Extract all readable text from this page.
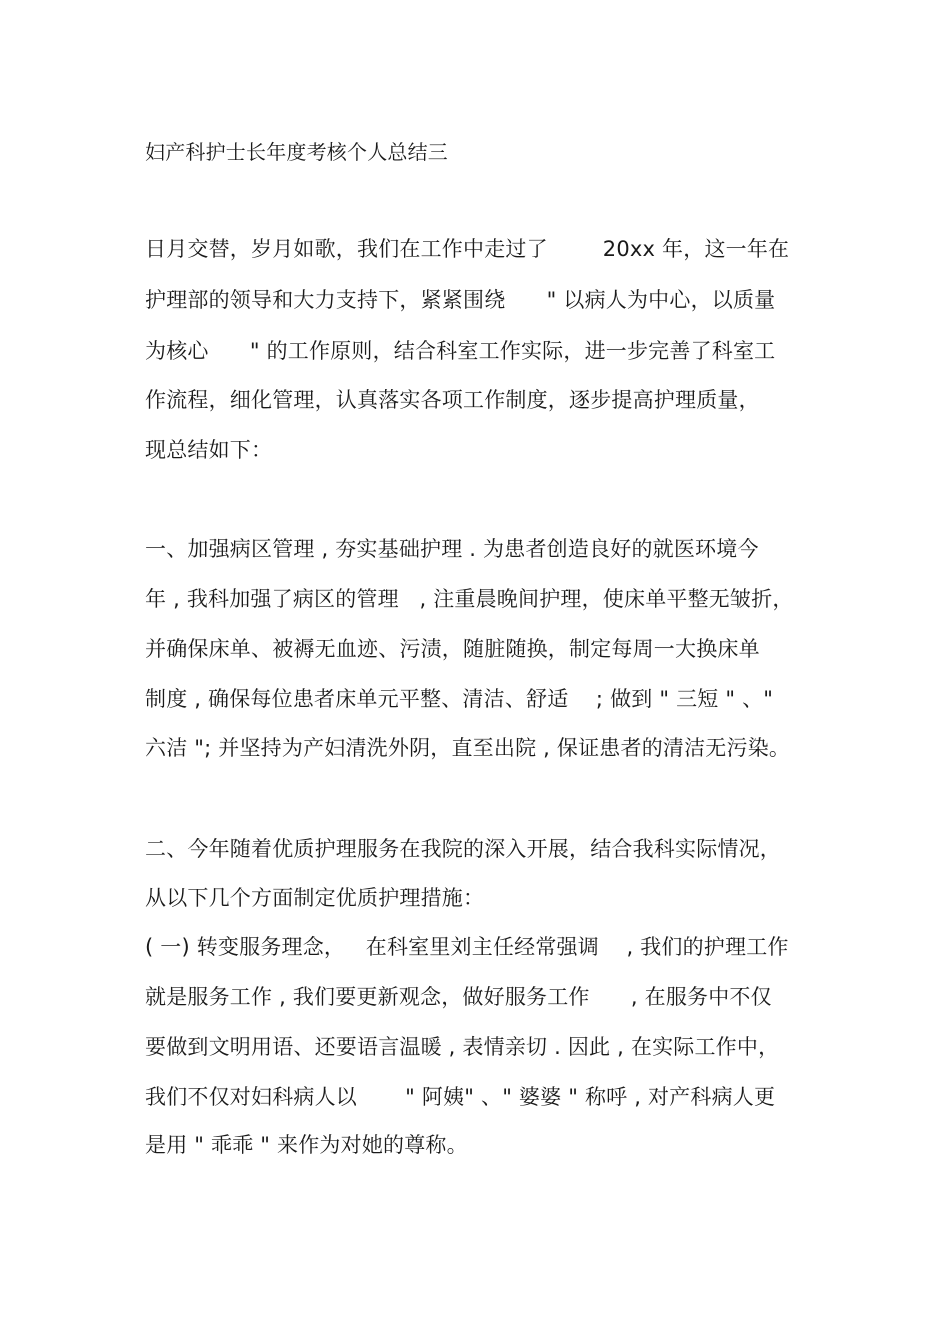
妇产科护士长年度考核个人总结三
日月交替，岁月如歌，我们在工作中走过了        20xx 年，这一年在
护理部的领导和大力支持下，紧紧围绕      " 以病人为中心，以质量
为核心      " 的工作原则，结合科室工作实际，进一步完善了科室工
作流程，细化管理，认真落实各项工作制度，逐步提高护理质量，
现总结如下：
一、加强病区管理 , 夯实基础护理 . 为患者创造良好的就医环境今
年 , 我科加强了病区的管理   , 注重晨晚间护理，使床单平整无皱折，
并确保床单、被褥无血迹、污渍，随脏随换，制定每周一大换床单
制度 , 确保每位患者床单元平整、清洁、舒适    ; 做到 " 三短 " 、"
六洁 "; 并坚持为产妇清洗外阴，直至出院 , 保证患者的清洁无污染。
二、今年随着优质护理服务在我院的深入开展，结合我科实际情况，
从以下几个方面制定优质护理措施：
( 一) 转变服务理念，   在科室里刘主任经常强调    , 我们的护理工作
就是服务工作 , 我们要更新观念，做好服务工作      , 在服务中不仅
要做到文明用语、还要语言温暖 , 表情亲切 . 因此 , 在实际工作中，
我们不仅对妇科病人以       " 阿姨" 、" 婆婆 " 称呼 , 对产科病人更
是用 " 乖乖 " 来作为对她的尊称。
